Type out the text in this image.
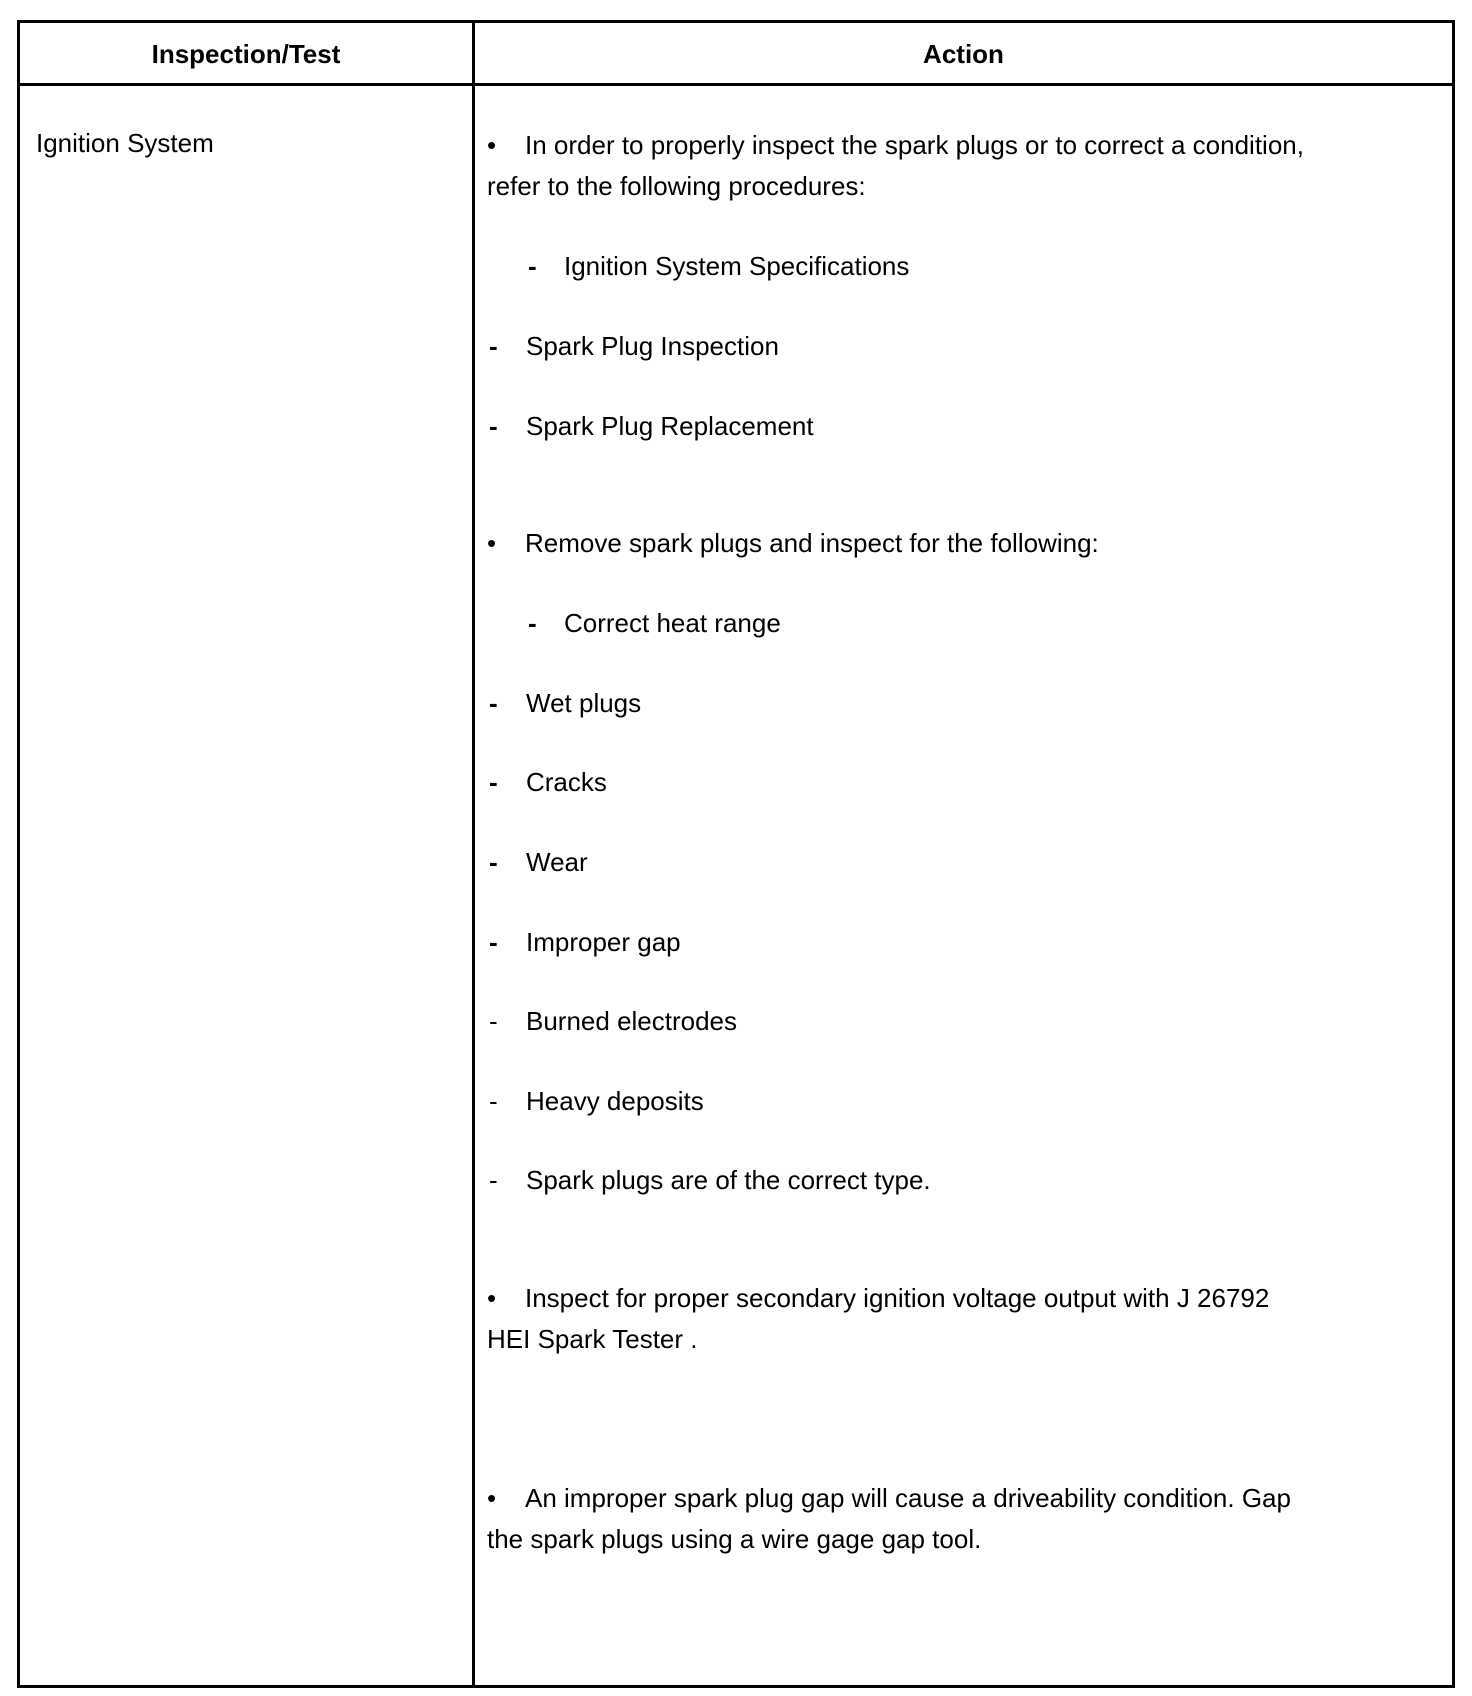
Inspection/Test	Action
Ignition System	• In order to properly inspect the spark plugs or to correct a condition,
refer to the following procedures:
- Ignition System Specifications
- Spark Plug Inspection
- Spark Plug Replacement
• Remove spark plugs and inspect for the following:
- Correct heat range
- Wet plugs
- Cracks
- Wear
- Improper gap
- Burned electrodes
- Heavy deposits
- Spark plugs are of the correct type.
• Inspect for proper secondary ignition voltage output with J 26792
HEI Spark Tester .
• An improper spark plug gap will cause a driveability condition. Gap
the spark plugs using a wire gage gap tool.
